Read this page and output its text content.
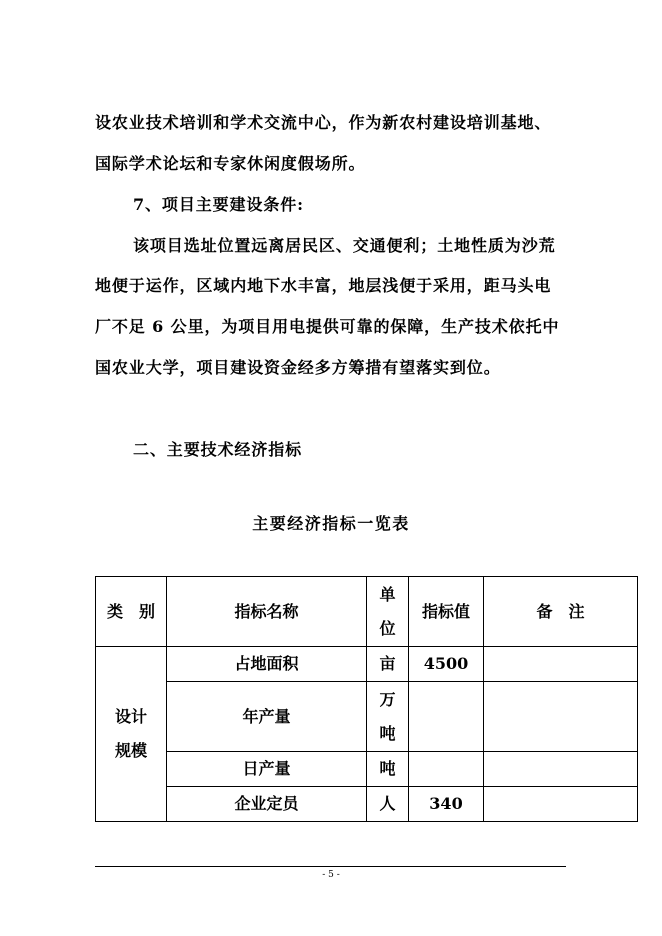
设农业技术培训和学术交流中心，作为新农村建设培训基地、
国际学术论坛和专家休闲度假场所。
7、项目主要建设条件:
该项目选址位置远离居民区、交通便利；土地性质为沙荒
地便于运作，区域内地下水丰富，地层浅便于采用，距马头电
厂不足 6 公里，为项目用电提供可靠的保障，生产技术依托中
国农业大学，项目建设资金经多方筹措有望落实到位。
二、主要技术经济指标
主要经济指标一览表
类　别	指标名称	单位	指标值	备　注
设计规模	占地面积	亩	4500	
	年产量	万吨		
	日产量	吨		
	企业定员	人	340	
- 5 -
